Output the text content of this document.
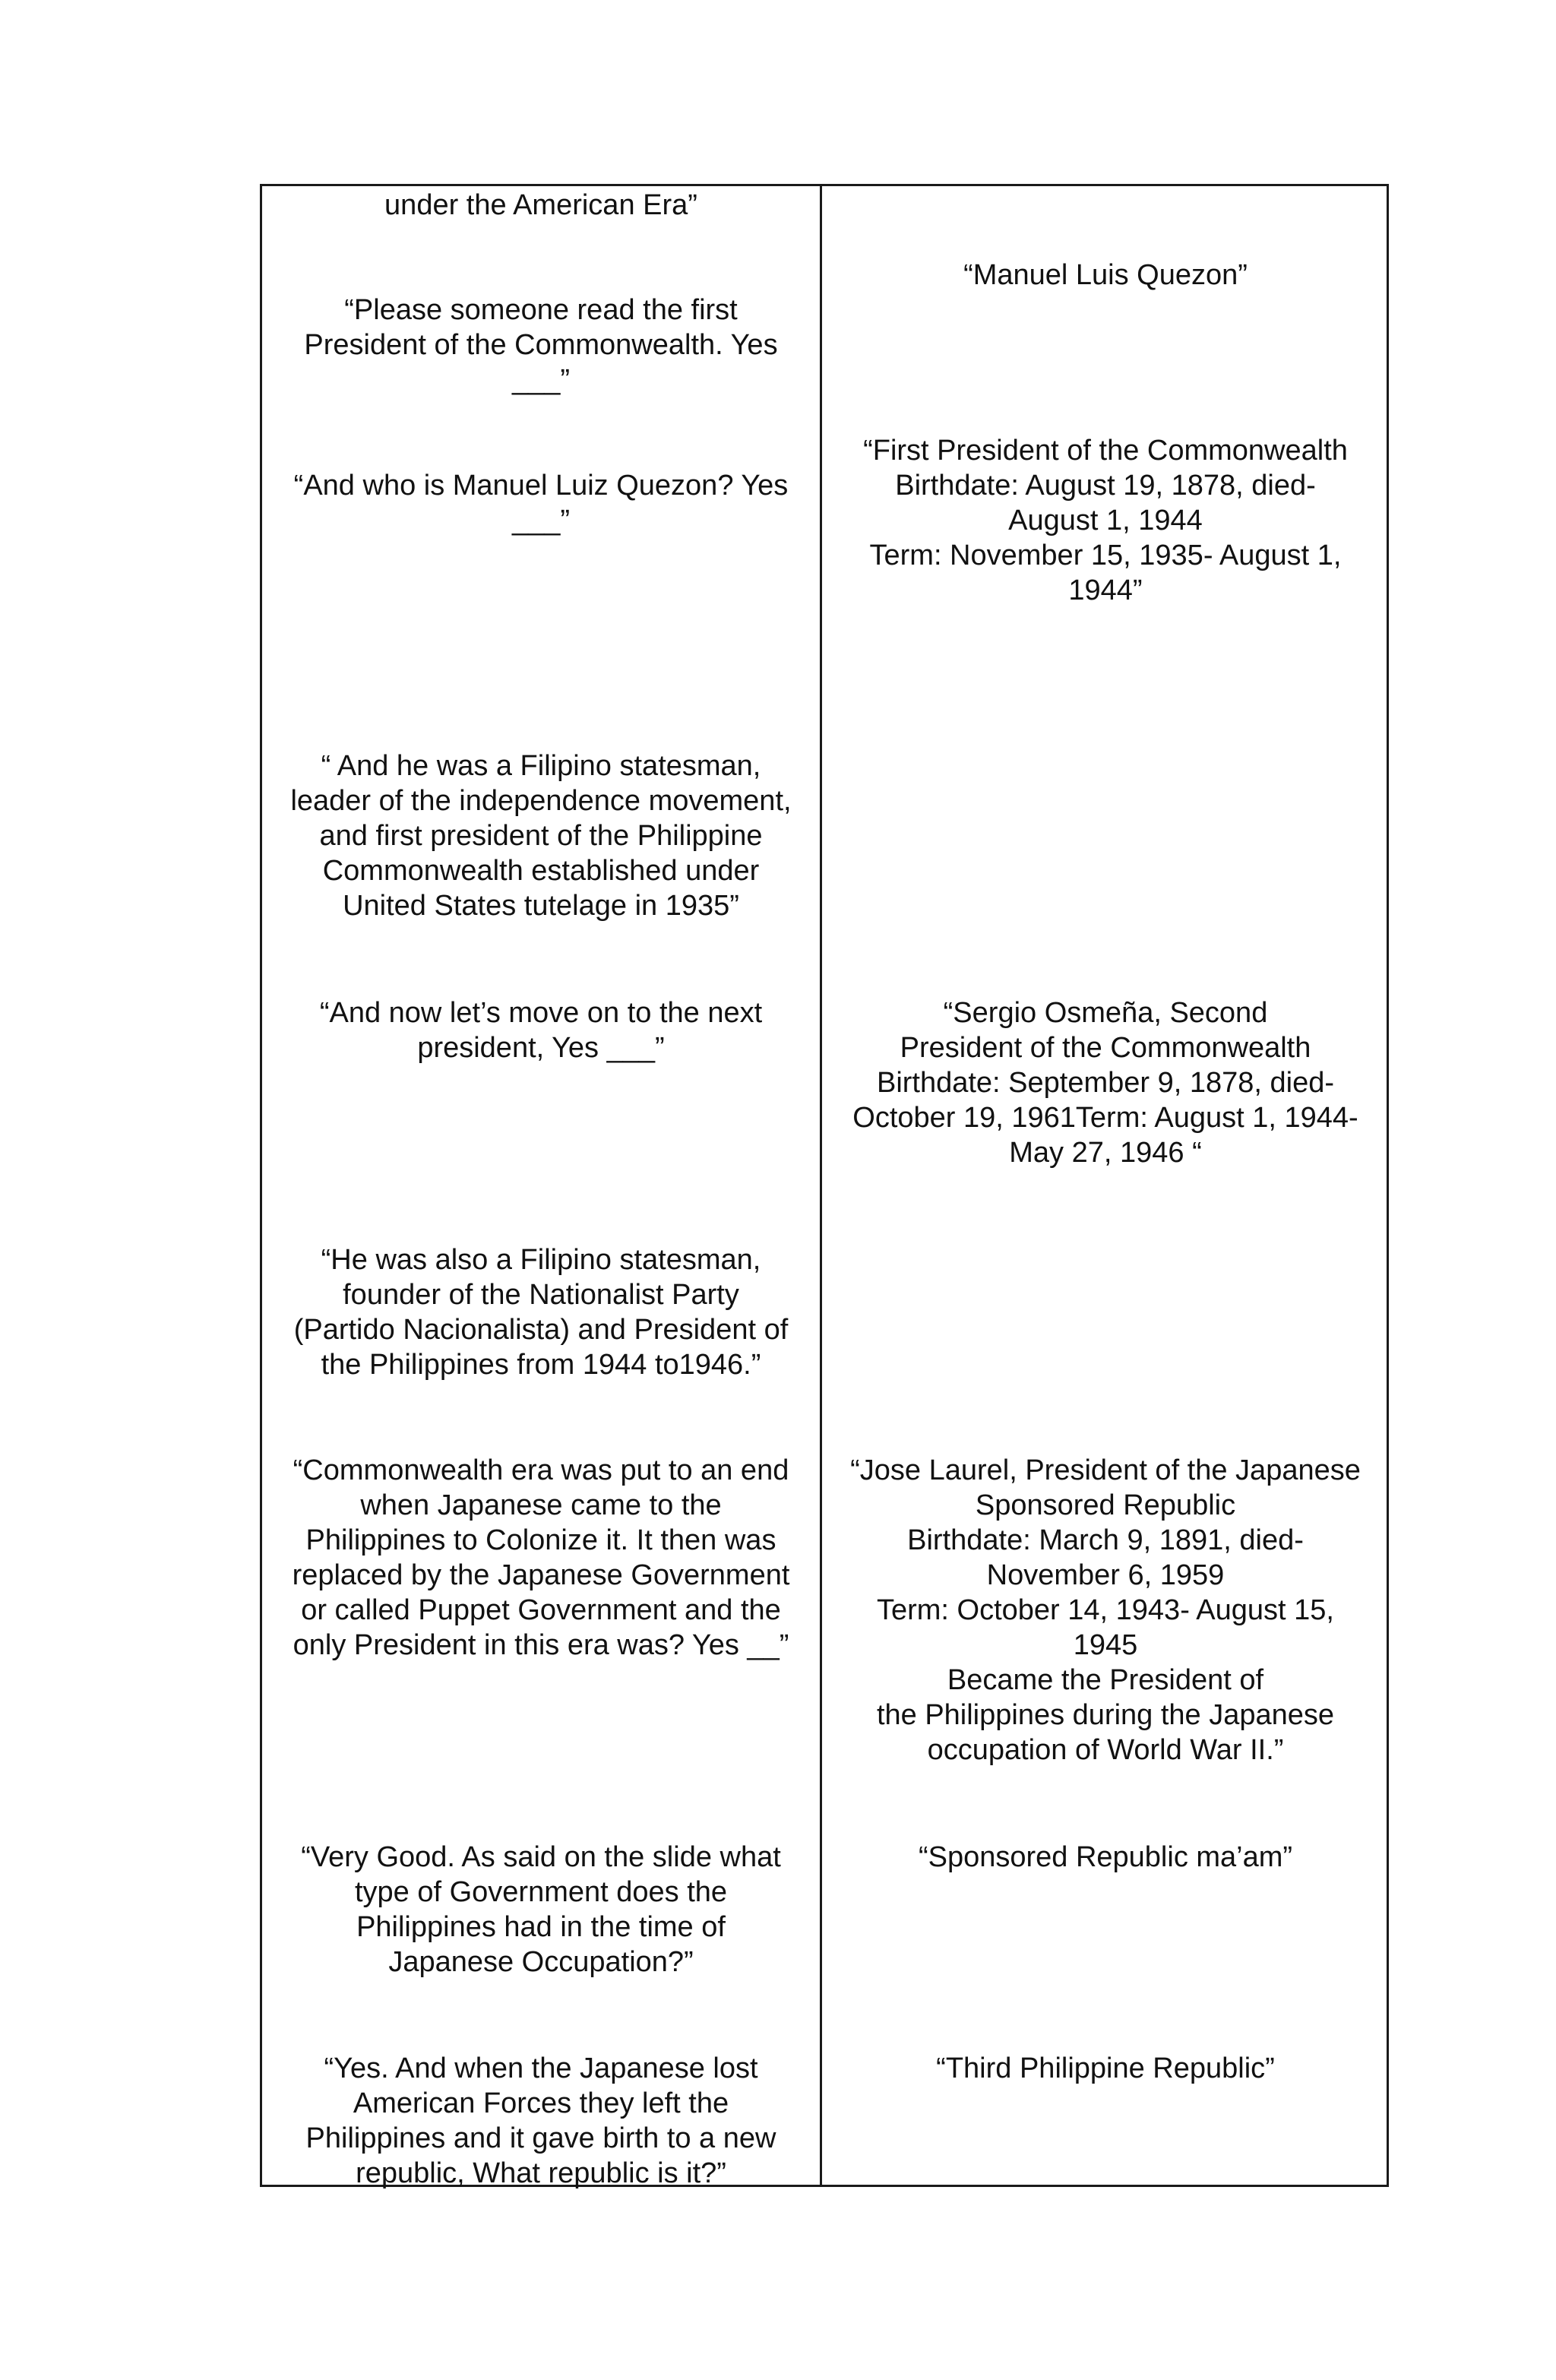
under the American Era”

“Please someone read the first
President of the Commonwealth. Yes
___”

“Manuel Luis Quezon”

“And who is Manuel Luiz Quezon? Yes
___”

“First President of the Commonwealth
Birthdate: August 19, 1878, died-
August 1, 1944
Term: November 15, 1935- August 1,
1944”

“ And he was a Filipino statesman,
leader of the independence movement,
and first president of the Philippine
Commonwealth established under
United States tutelage in 1935”

“And now let’s move on to the next
president, Yes ___”

“Sergio Osmeña, Second
President of the Commonwealth
Birthdate: September 9, 1878, died-
October 19, 1961Term: August 1, 1944-
May 27, 1946 “

“He was also a Filipino statesman,
founder of the Nationalist Party
(Partido Nacionalista) and President of
the Philippines from 1944 to1946.”

“Commonwealth era was put to an end
when Japanese came to the
Philippines to Colonize it. It then was
replaced by the Japanese Government
or called Puppet Government and the
only President in this era was? Yes __”

“Jose Laurel, President of the Japanese
Sponsored Republic
Birthdate: March 9, 1891, died-
November 6, 1959
Term: October 14, 1943- August 15,
1945
Became the President of
the Philippines during the Japanese
occupation of World War II.”

“Very Good. As said on the slide what
type of Government does the
Philippines had in the time of
Japanese Occupation?”

“Sponsored Republic ma’am”

“Yes. And when the Japanese lost
American Forces they left the
Philippines and it gave birth to a new
republic, What republic is it?”

“Third Philippine Republic”
